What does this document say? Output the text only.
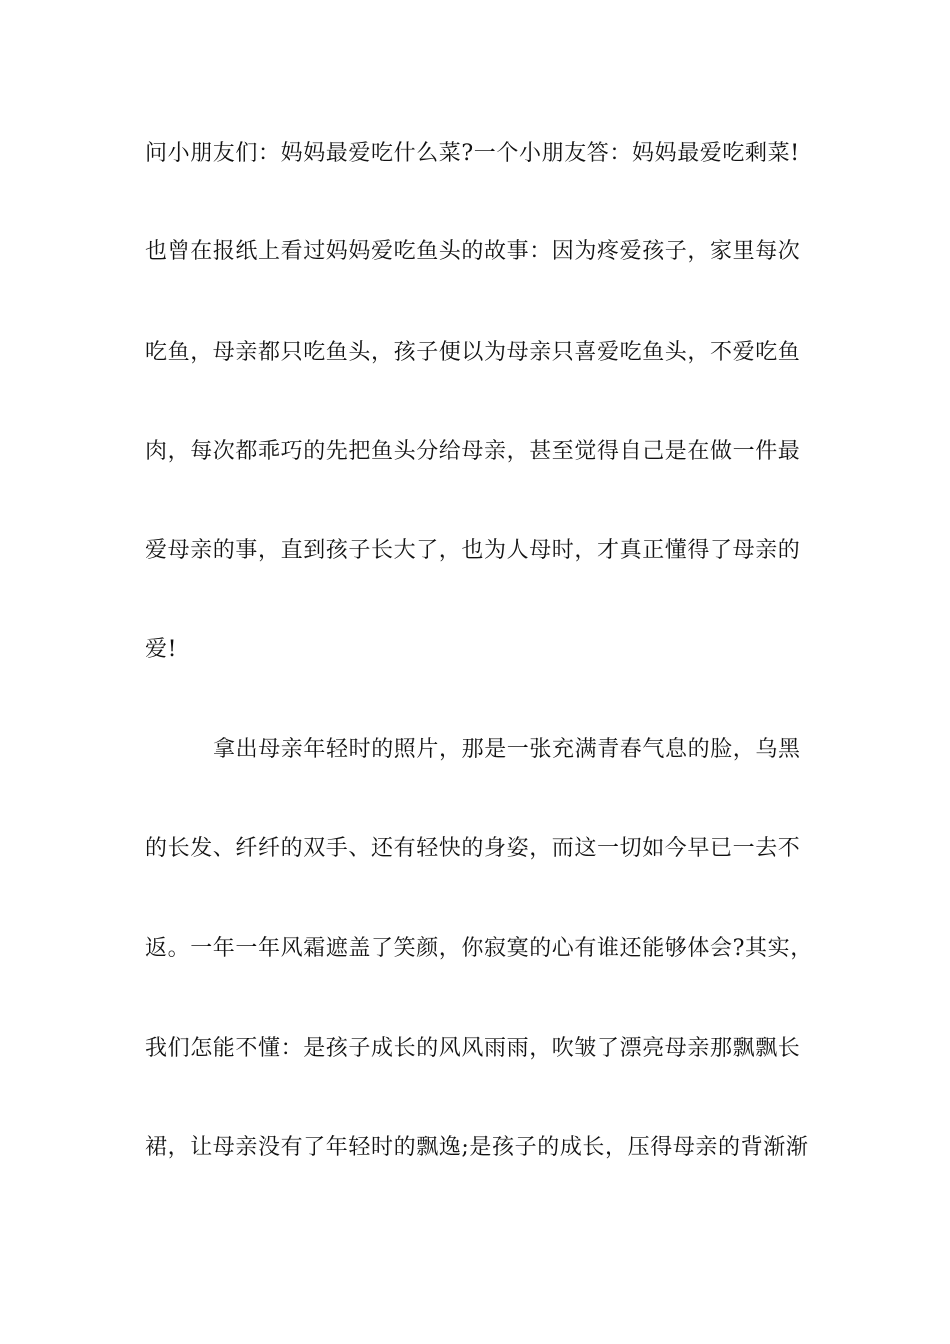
问小朋友们：妈妈最爱吃什么菜?一个小朋友答：妈妈最爱吃剩菜!
也曾在报纸上看过妈妈爱吃鱼头的故事：因为疼爱孩子，家里每次
吃鱼，母亲都只吃鱼头，孩子便以为母亲只喜爱吃鱼头，不爱吃鱼
肉，每次都乖巧的先把鱼头分给母亲，甚至觉得自己是在做一件最
爱母亲的事，直到孩子长大了，也为人母时，才真正懂得了母亲的
爱!
拿出母亲年轻时的照片，那是一张充满青春气息的脸，乌黑
的长发、纤纤的双手、还有轻快的身姿，而这一切如今早已一去不
返。一年一年风霜遮盖了笑颜，你寂寞的心有谁还能够体会?其实，
我们怎能不懂：是孩子成长的风风雨雨，吹皱了漂亮母亲那飘飘长
裙，让母亲没有了年轻时的飘逸;是孩子的成长，压得母亲的背渐渐
